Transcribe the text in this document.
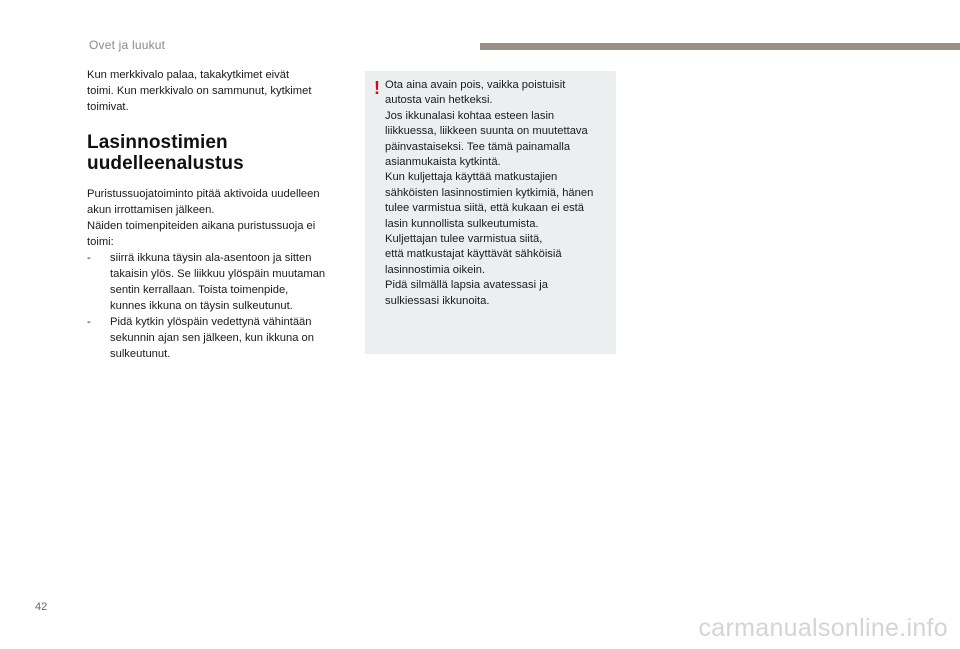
Ovet ja luukut

Kun merkkivalo palaa, takakytkimet eivät
toimi. Kun merkkivalo on sammunut, kytkimet
toimivat.

Lasinnostimien
uudelleenalustus

Puristussuojatoiminto pitää aktivoida uudelleen
akun irrottamisen jälkeen.
Näiden toimenpiteiden aikana puristussuoja ei
toimi:

-	siirrä ikkuna täysin ala-asentoon ja sitten
takaisin ylös. Se liikkuu ylöspäin muutaman
sentin kerrallaan. Toista toimenpide,
kunnes ikkuna on täysin sulkeutunut.
-	Pidä kytkin ylöspäin vedettynä vähintään
sekunnin ajan sen jälkeen, kun ikkuna on
sulkeutunut.
! Ota aina avain pois, vaikka poistuisit
autosta vain hetkeksi.
Jos ikkunalasi kohtaa esteen lasin
liikkuessa, liikkeen suunta on muutettava
päinvastaiseksi. Tee tämä painamalla
asianmukaista kytkintä.
Kun kuljettaja käyttää matkustajien
sähköisten lasinnostimien kytkimiä, hänen
tulee varmistua siitä, että kukaan ei estä
lasin kunnollista sulkeutumista.
Kuljettajan tulee varmistua siitä,
että matkustajat käyttävät sähköisiä
lasinnostimia oikein.
Pidä silmällä lapsia avatessasi ja
sulkiessasi ikkunoita.

42
carmanualsonline.info
